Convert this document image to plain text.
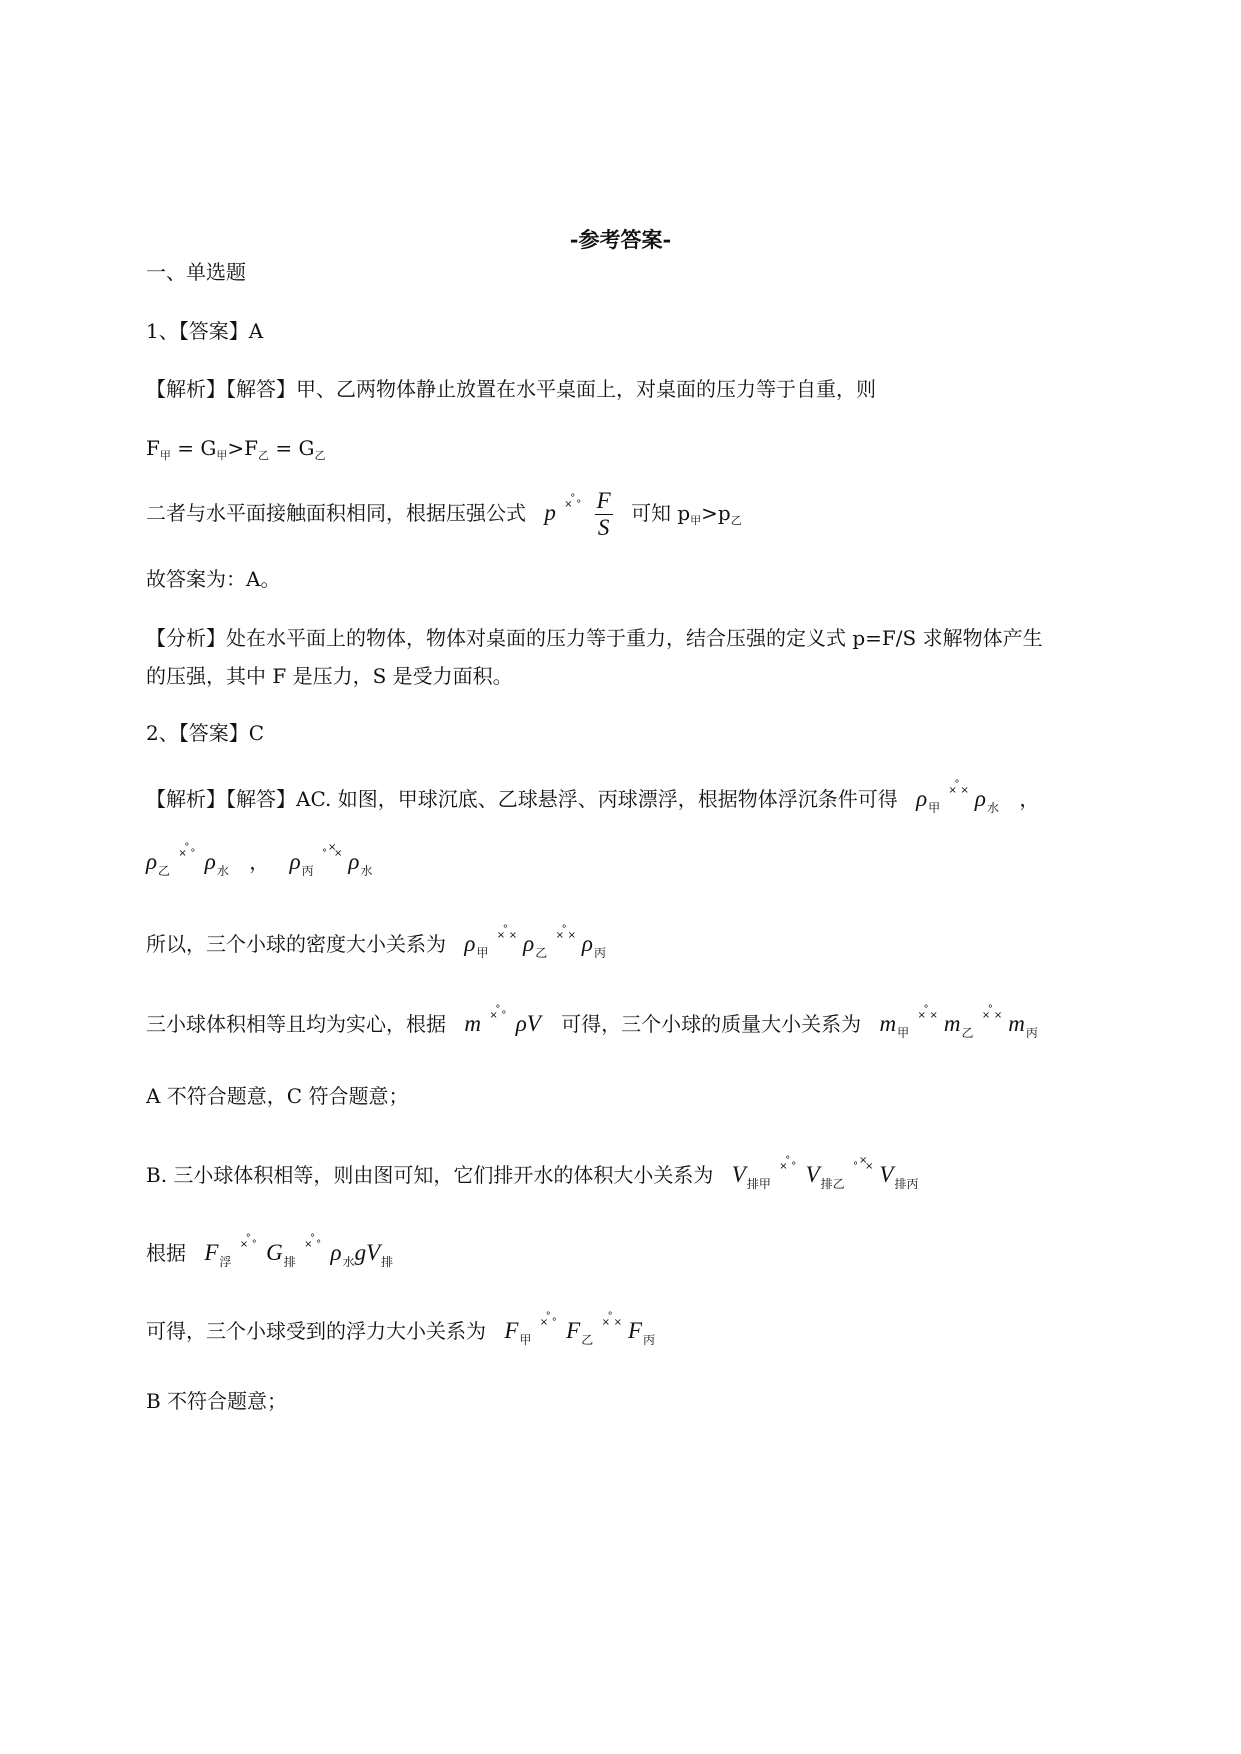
-参考答案-
一、单选题
1、【答案】A
【解析】【解答】甲、乙两物体静止放置在水平桌面上，对桌面的压力等于自重，则
$F_甲 = G_甲>F_乙 = G_乙$
二者与水平面接触面积相同，根据压强公式 p ×
°
°
$\frac{F}{S}$ 可知 $p_甲>p_乙$
故答案为：A。
【分析】处在水平面上的物体，物体对桌面的压力等于重力，结合压强的定义式 p=F/S 求解物体产生
的压强，其中 F 是压力，S 是受力面积。
2、【答案】C
【解析】【解答】AC. 如图，甲球沉底、乙球悬浮、丙球漂浮，根据物体浮沉条件可得 $\rho_甲$
×
°
× $\rho_水$ ，
$\rho_乙$
×
°
° $\rho_水$ ， $\rho_丙$
°
×
× $\rho_水$
所以，三个小球的密度大小关系为 $\rho_甲$
×
°
× $\rho_乙$
×
°
× $\rho_丙$
三小球体积相等且均为实心，根据 m ×
°
° ρV 可得，三个小球的质量大小关系为 $m_甲$
×
°
× $m_乙$
×
°
× $m_丙$
A 不符合题意，C 符合题意；
B. 三小球体积相等，则由图可知，它们排开水的体积大小关系为 $V_{排甲}$
×
°
° $V_{排乙}$
°
×
× $V_{排丙}$
根据 $F_浮$
×
°
° $G_排$
×
°
° $\rho_水gV_排$
可得，三个小球受到的浮力大小关系为 $F_甲$
×
°
° $F_乙$
×
°
× $F_丙$
B 不符合题意；
